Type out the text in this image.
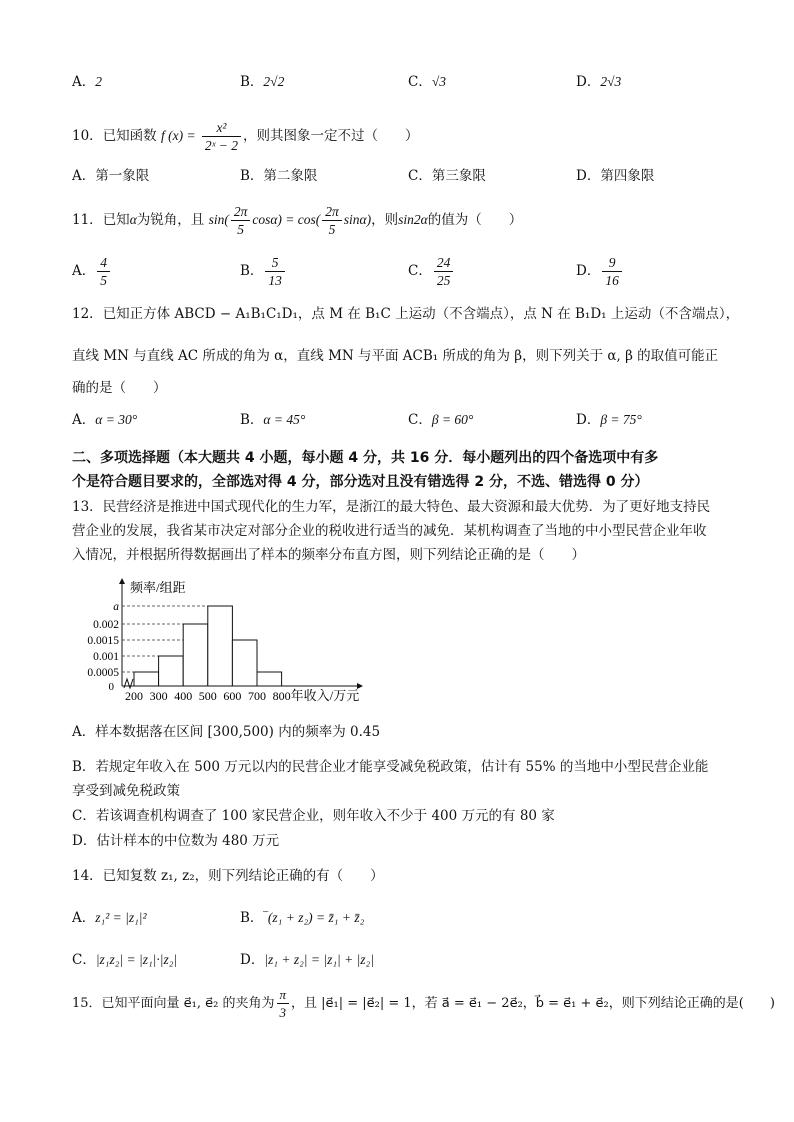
A．2	B．2√2	C．√3	D．2√3
10．已知函数 f $(x) = \frac{\text{x²}}{\text{2ˣ − 2}}$ ，则其图象一定不过（　　）
A．第一象限	B．第二象限	C．第三象限	D．第四象限
11．已知α为锐角，且 $\sin( \frac{2\pi}{5} \cos\alpha) = \cos( \frac{2\pi}{5} \sin\alpha)$，则sin2α的值为（　　）
A． $\frac{4}{5}$	B． $\frac{5}{13}$	C． $\frac{24}{25}$	D． $\frac{9}{16}$
12．已知正方体 ABCD − A₁B₁C₁D₁，点 M 在 B₁C 上运动（不含端点），点 N 在 B₁D₁ 上运动（不含端点），
直线 MN 与直线 AC 所成的角为 α，直线 MN 与平面 ACB₁ 所成的角为 β，则下列关于 α, β 的取值可能正
确的是（　　）
A．α = 30°	B．α = 45°	C．β = 60°	D．β = 75°
二、多项选择题（本大题共 4 小题，每小题 4 分，共 16 分．每小题列出的四个备选项中有多
个是符合题目要求的，全部选对得 4 分，部分选对且没有错选得 2 分，不选、错选得 0 分）
13．民营经济是推进中国式现代化的生力军，是浙江的最大特色、最大资源和最大优势．为了更好地支持民
营企业的发展，我省某市决定对部分企业的税收进行适当的减免．某机构调查了当地的中小型民营企业年收
入情况，并根据所得数据画出了样本的频率分布直方图，则下列结论正确的是（　　）
频率/组距
0
0.0005
0.001
0.0015
0.002
a
200 300 400 500 600 700 800 年收入/万元
A．样本数据落在区间 [300,500) 内的频率为 0.45
B．若规定年收入在 500 万元以内的民营企业才能享受减免税政策，估计有 55% 的当地中小型民营企业能
享受到减免税政策
C．若该调查机构调查了 100 家民营企业，则年收入不少于 400 万元的有 80 家
D．估计样本的中位数为 480 万元
14．已知复数 z₁, z₂，则下列结论正确的有（　　）
A．z₁² = |z₁|²	B．‾(z₁ + z₂) = z̄₁ + z̄₂
C．|z₁z₂| = |z₁|·|z₂|	D．|z₁ + z₂| = |z₁| + |z₂|
15．已知平面向量 e⃗₁, e⃗₂ 的夹角为 $\frac{\pi}{3}$ ，且 |e⃗₁| = |e⃗₂| = 1，若 a⃗ = e⃗₁ − 2e⃗₂，b⃗ = e⃗₁ + e⃗₂，则下列结论正确的是(　　)
